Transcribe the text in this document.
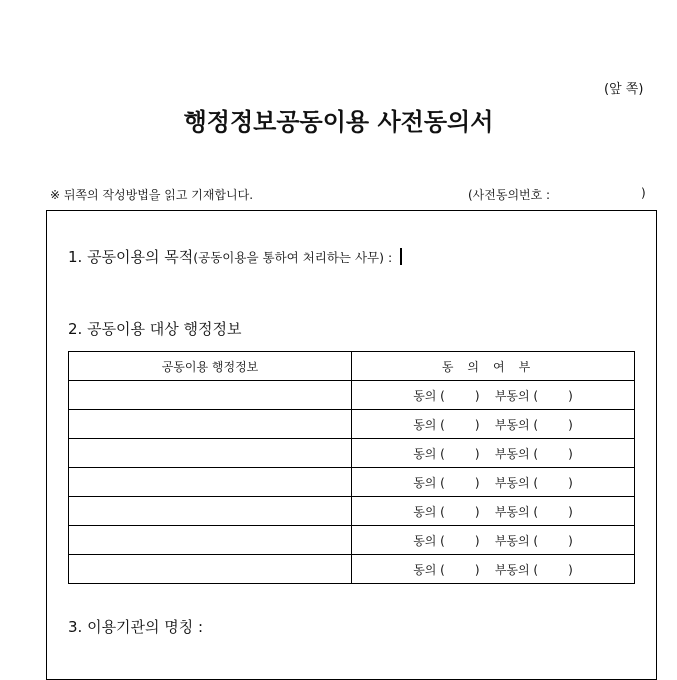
(앞 쪽)
행정정보공동이용 사전동의서
※ 뒤쪽의 작성방법을 읽고 기재합니다.	(사전동의번호 :	)
1. 공동이용의 목적(공동이용을 통하여 처리하는 사무) :
2. 공동이용 대상 행정정보
공동이용 행정정보	동의여부
	동의 ( ) 부동의 ( )
	동의 ( ) 부동의 ( )
	동의 ( ) 부동의 ( )
	동의 ( ) 부동의 ( )
	동의 ( ) 부동의 ( )
	동의 ( ) 부동의 ( )
	동의 ( ) 부동의 ( )
3. 이용기관의 명칭 :
